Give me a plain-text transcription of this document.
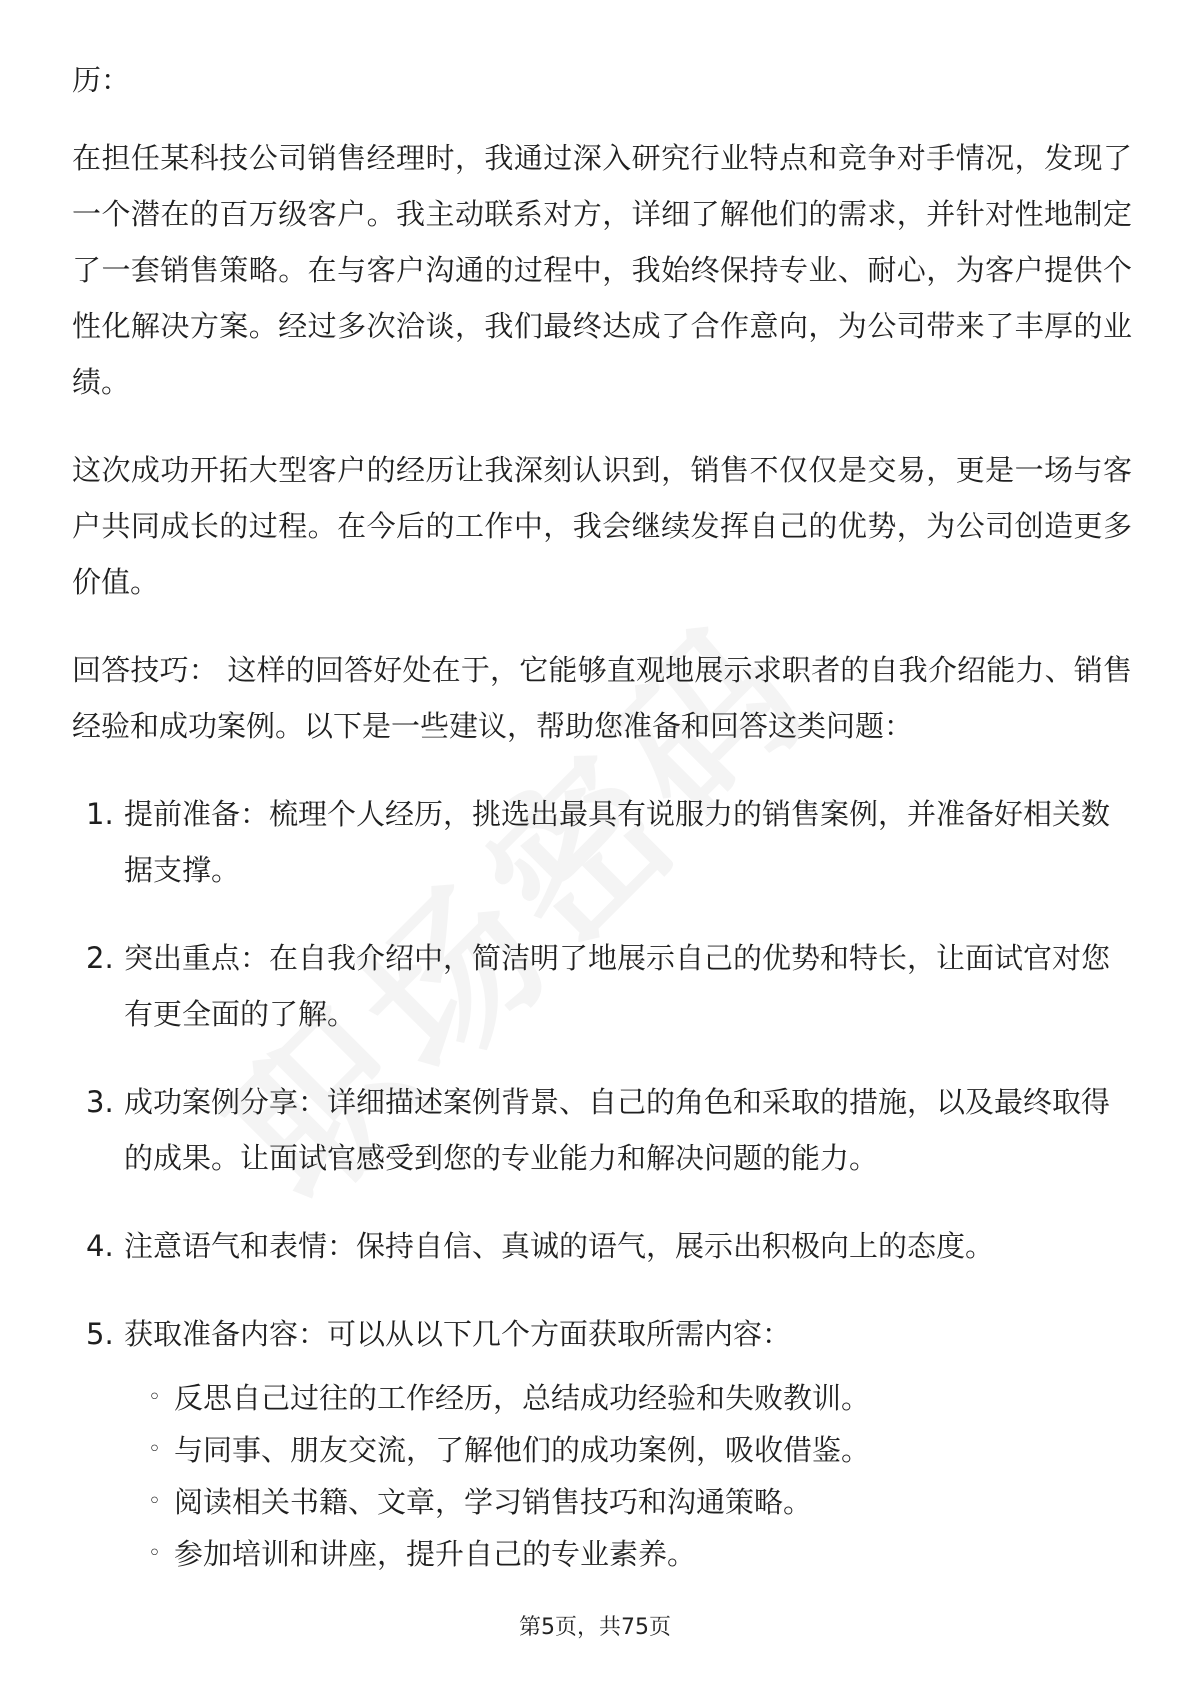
历：

在担任某科技公司销售经理时，我通过深入研究行业特点和竞争对手情况，发现了一个潜在的百万级客户。我主动联系对方，详细了解他们的需求，并针对性地制定了一套销售策略。在与客户沟通的过程中，我始终保持专业、耐心，为客户提供个性化解决方案。经过多次洽谈，我们最终达成了合作意向，为公司带来了丰厚的业绩。

这次成功开拓大型客户的经历让我深刻认识到，销售不仅仅是交易，更是一场与客户共同成长的过程。在今后的工作中，我会继续发挥自己的优势，为公司创造更多价值。

回答技巧： 这样的回答好处在于，它能够直观地展示求职者的自我介绍能力、销售经验和成功案例。以下是一些建议，帮助您准备和回答这类问题：

1. 提前准备：梳理个人经历，挑选出最具有说服力的销售案例，并准备好相关数据支撑。
2. 突出重点：在自我介绍中，简洁明了地展示自己的优势和特长，让面试官对您有更全面的了解。
3. 成功案例分享：详细描述案例背景、自己的角色和采取的措施，以及最终取得的成果。让面试官感受到您的专业能力和解决问题的能力。
4. 注意语气和表情：保持自信、真诚的语气，展示出积极向上的态度。
5. 获取准备内容：可以从以下几个方面获取所需内容：
◦ 反思自己过往的工作经历，总结成功经验和失败教训。
◦ 与同事、朋友交流，了解他们的成功案例，吸收借鉴。
◦ 阅读相关书籍、文章，学习销售技巧和沟通策略。
◦ 参加培训和讲座，提升自己的专业素养。
第5页，共75页
